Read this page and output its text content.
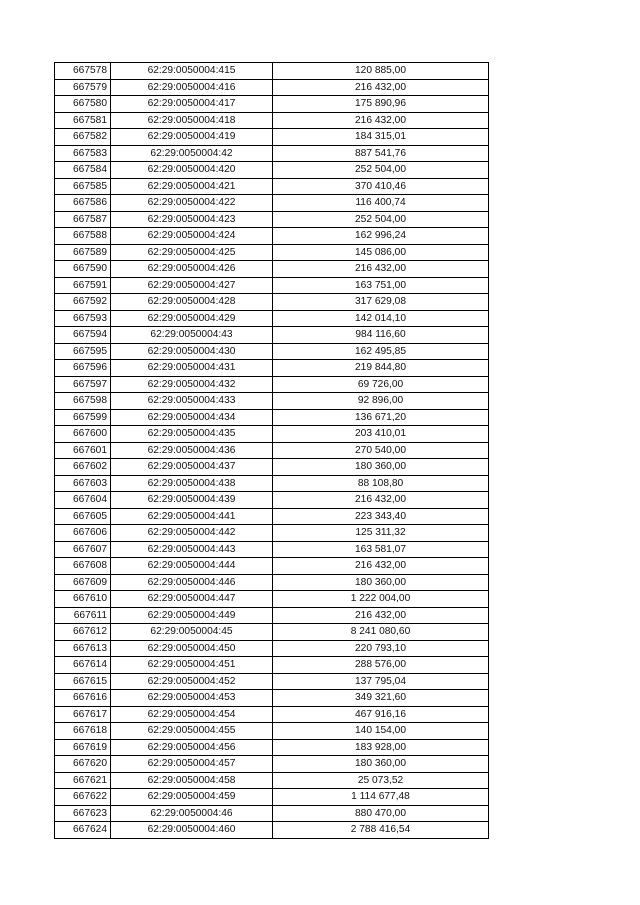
667578	62:29:0050004:415	120 885,00
667579	62:29:0050004:416	216 432,00
667580	62:29:0050004:417	175 890,96
667581	62:29:0050004:418	216 432,00
667582	62:29:0050004:419	184 315,01
667583	62:29:0050004:42	887 541,76
667584	62:29:0050004:420	252 504,00
667585	62:29:0050004:421	370 410,46
667586	62:29:0050004:422	116 400,74
667587	62:29:0050004:423	252 504,00
667588	62:29:0050004:424	162 996,24
667589	62:29:0050004:425	145 086,00
667590	62:29:0050004:426	216 432,00
667591	62:29:0050004:427	163 751,00
667592	62:29:0050004:428	317 629,08
667593	62:29:0050004:429	142 014,10
667594	62:29:0050004:43	984 116,60
667595	62:29:0050004:430	162 495,85
667596	62:29:0050004:431	219 844,80
667597	62:29:0050004:432	69 726,00
667598	62:29:0050004:433	92 896,00
667599	62:29:0050004:434	136 671,20
667600	62:29:0050004:435	203 410,01
667601	62:29:0050004:436	270 540,00
667602	62:29:0050004:437	180 360,00
667603	62:29:0050004:438	88 108,80
667604	62:29:0050004:439	216 432,00
667605	62:29:0050004:441	223 343,40
667606	62:29:0050004:442	125 311,32
667607	62:29:0050004:443	163 581,07
667608	62:29:0050004:444	216 432,00
667609	62:29:0050004:446	180 360,00
667610	62:29:0050004:447	1 222 004,00
667611	62:29:0050004:449	216 432,00
667612	62:29:0050004:45	8 241 080,60
667613	62:29:0050004:450	220 793,10
667614	62:29:0050004:451	288 576,00
667615	62:29:0050004:452	137 795,04
667616	62:29:0050004:453	349 321,60
667617	62:29:0050004:454	467 916,16
667618	62:29:0050004:455	140 154,00
667619	62:29:0050004:456	183 928,00
667620	62:29:0050004:457	180 360,00
667621	62:29:0050004:458	25 073,52
667622	62:29:0050004:459	1 114 677,48
667623	62:29:0050004:46	880 470,00
667624	62:29:0050004:460	2 788 416,54
